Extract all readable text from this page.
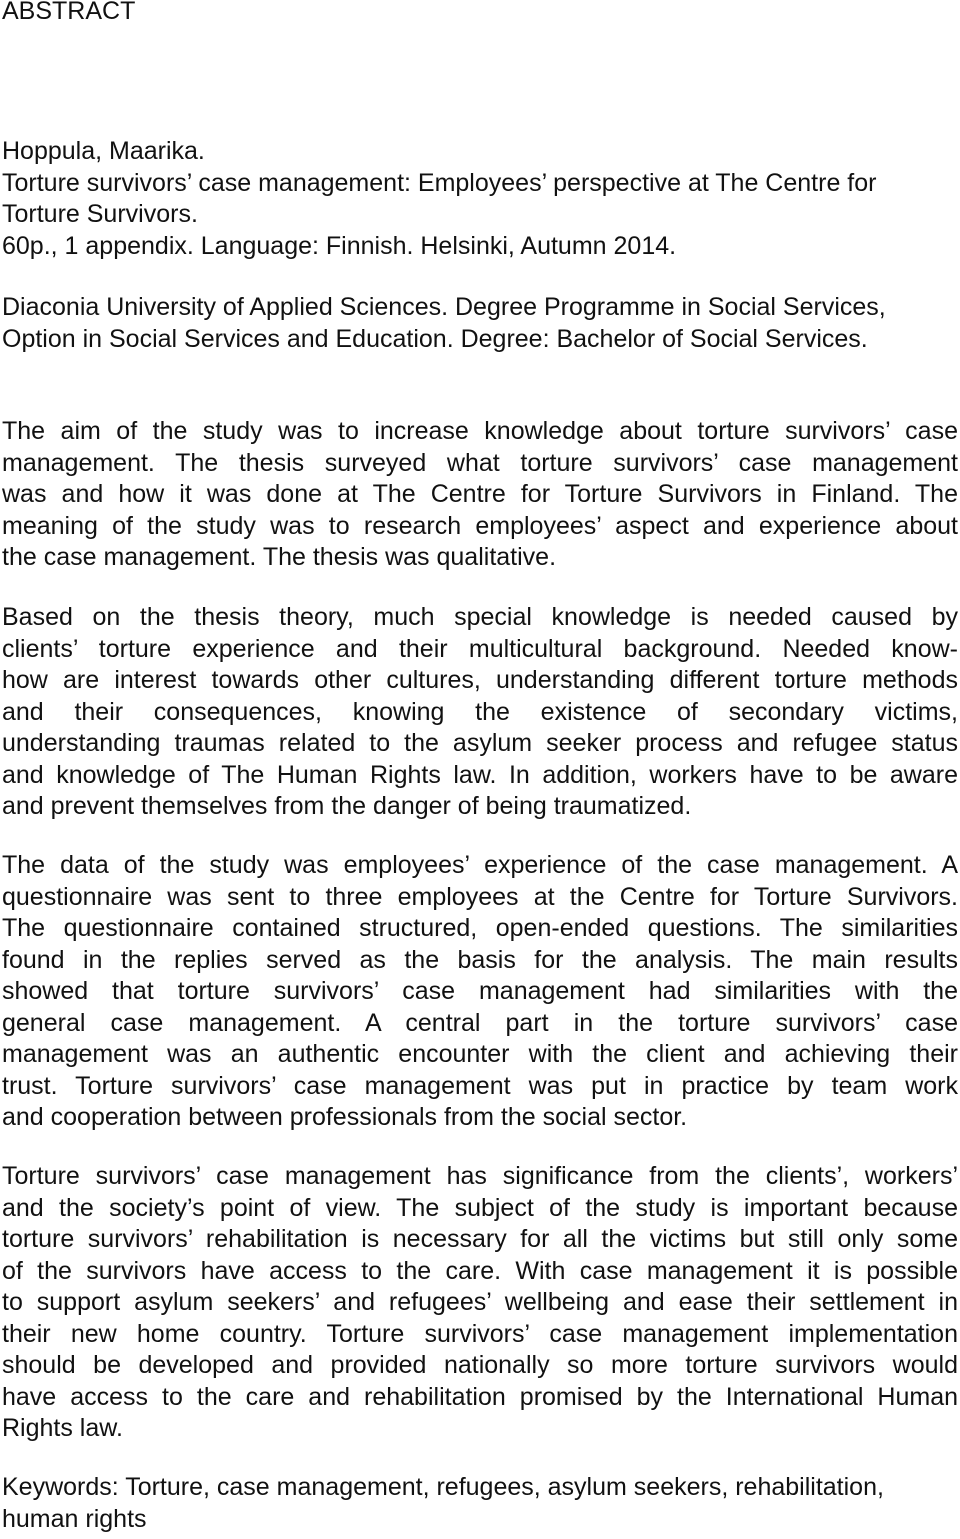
ABSTRACT
Hoppula, Maarika.
Torture survivors’ case management: Employees’ perspective at The Centre for
Torture Survivors.
60p., 1 appendix. Language: Finnish. Helsinki, Autumn 2014.
Diaconia University of Applied Sciences. Degree Programme in Social Services,
Option in Social Services and Education. Degree: Bachelor of Social Services.
The aim of the study was to increase knowledge about torture survivors’ case
management. The thesis surveyed what torture survivors’ case management
was and how it was done at The Centre for Torture Survivors in Finland. The
meaning of the study was to research employees’ aspect and experience about
the case management. The thesis was qualitative.
Based on the thesis theory, much special knowledge is needed caused by
clients’ torture experience and their multicultural background. Needed know-
how are interest towards other cultures, understanding different torture methods
and their consequences, knowing the existence of secondary victims,
understanding traumas related to the asylum seeker process and refugee status
and knowledge of The Human Rights law. In addition, workers have to be aware
and prevent themselves from the danger of being traumatized.
The data of the study was employees’ experience of the case management. A
questionnaire was sent to three employees at the Centre for Torture Survivors.
The questionnaire contained structured, open-ended questions. The similarities
found in the replies served as the basis for the analysis. The main results
showed that torture survivors’ case management had similarities with the
general case management. A central part in the torture survivors’ case
management was an authentic encounter with the client and achieving their
trust. Torture survivors’ case management was put in practice by team work
and cooperation between professionals from the social sector.
Torture survivors’ case management has significance from the clients’, workers’
and the society’s point of view. The subject of the study is important because
torture survivors’ rehabilitation is necessary for all the victims but still only some
of the survivors have access to the care. With case management it is possible
to support asylum seekers’ and refugees’ wellbeing and ease their settlement in
their new home country. Torture survivors’ case management implementation
should be developed and provided nationally so more torture survivors would
have access to the care and rehabilitation promised by the International Human
Rights law.
Keywords: Torture, case management, refugees, asylum seekers, rehabilitation,
human rights
